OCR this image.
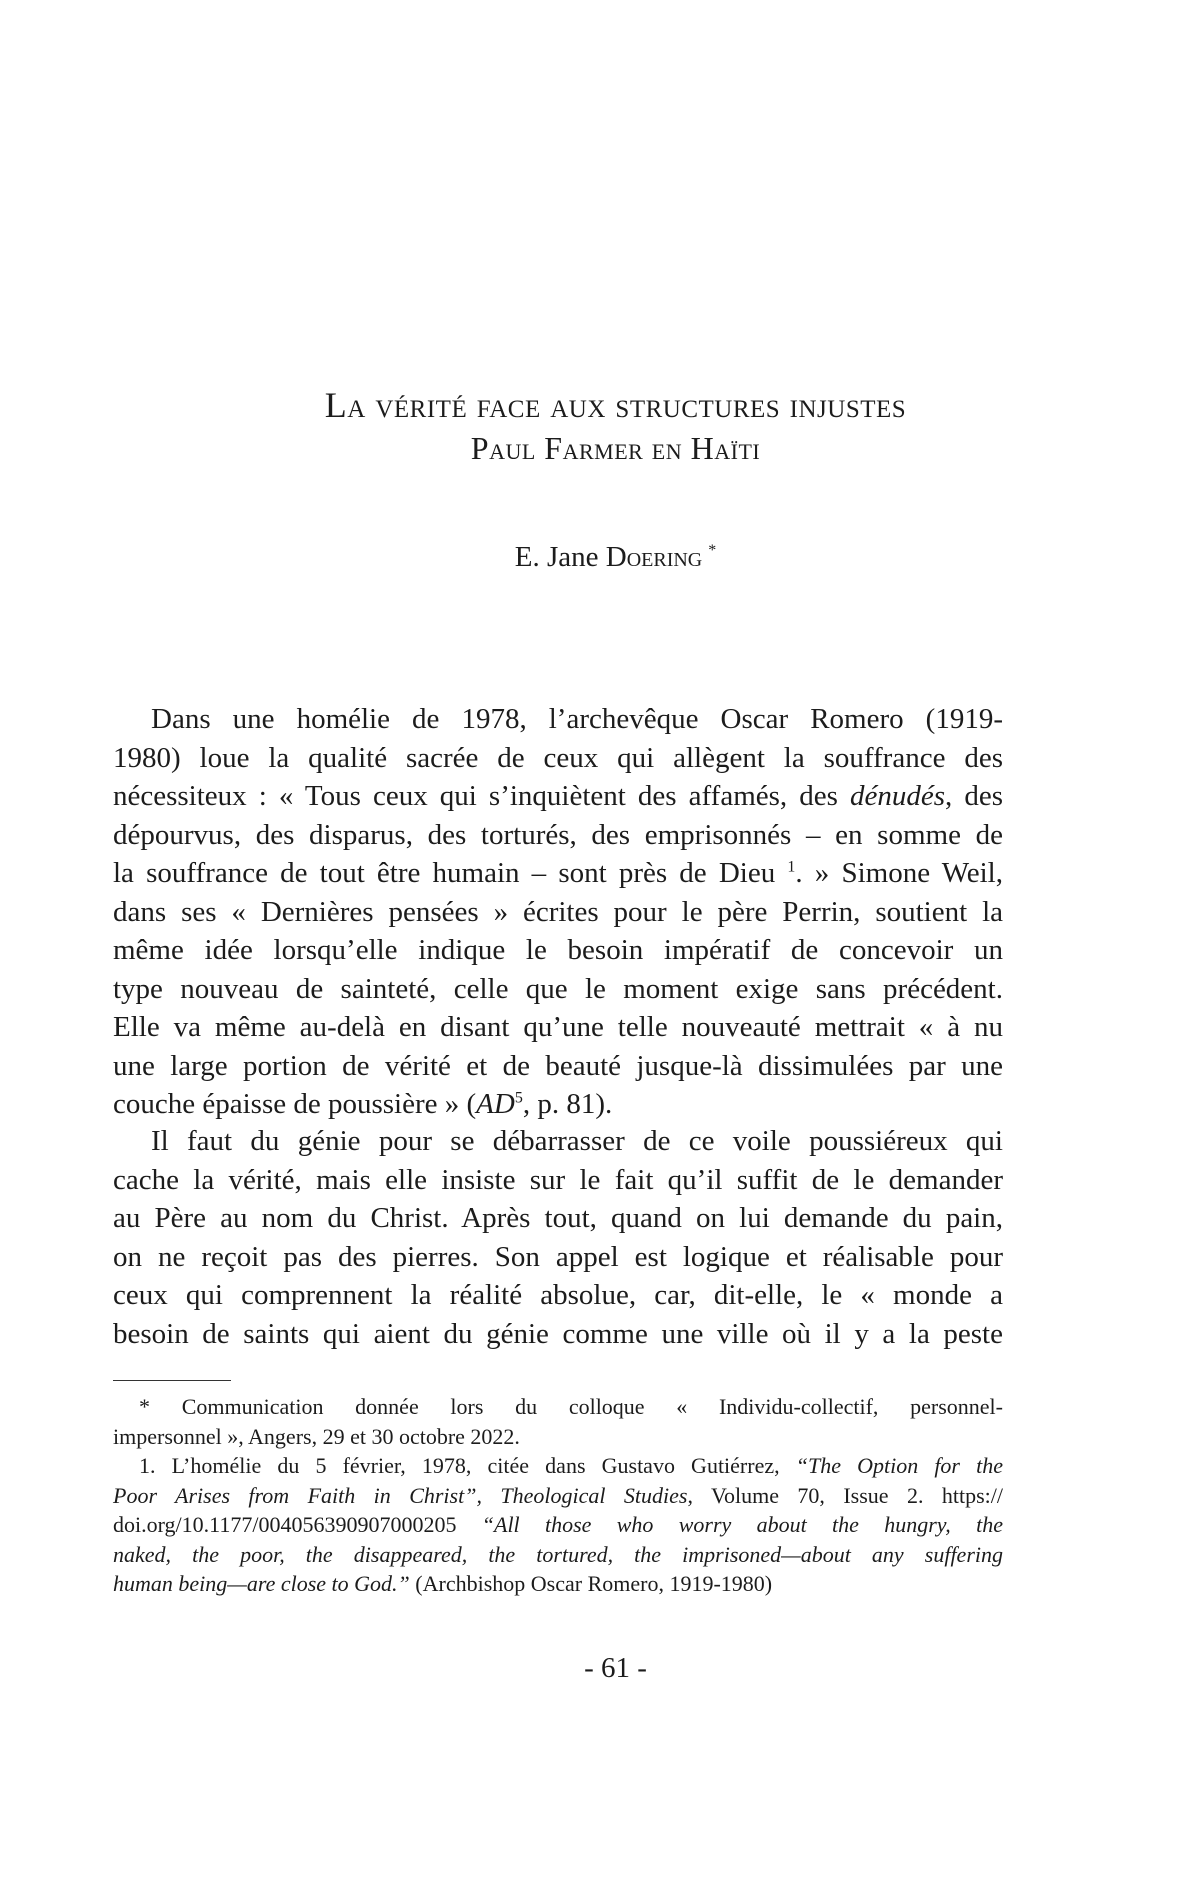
La vérité face aux structures injustes
Paul Farmer en Haïti
E. Jane Doering *
Dans une homélie de 1978, l’archevêque Oscar Romero (1919-
1980) loue la qualité sacrée de ceux qui allègent la souffrance des
nécessiteux : « Tous ceux qui s’inquiètent des affamés, des dénudés, des
dépourvus, des disparus, des torturés, des emprisonnés – en somme de
la souffrance de tout être humain – sont près de Dieu $^1$. » Simone Weil,
dans ses « Dernières pensées » écrites pour le père Perrin, soutient la
même idée lorsqu’elle indique le besoin impératif de concevoir un
type nouveau de sainteté, celle que le moment exige sans précédent.
Elle va même au-delà en disant qu’une telle nouveauté mettrait « à nu
une large portion de vérité et de beauté jusque-là dissimulées par une
couche épaisse de poussière » ($AD^5$, p. 81).
Il faut du génie pour se débarrasser de ce voile poussiéreux qui
cache la vérité, mais elle insiste sur le fait qu’il suffit de le demander
au Père au nom du Christ. Après tout, quand on lui demande du pain,
on ne reçoit pas des pierres. Son appel est logique et réalisable pour
ceux qui comprennent la réalité absolue, car, dit-elle, le « monde a
besoin de saints qui aient du génie comme une ville où il y a la peste
* Communication donnée lors du colloque « Individu-collectif, personnel-
impersonnel », Angers, 29 et 30 octobre 2022.
1. L’homélie du 5 février, 1978, citée dans Gustavo Gutiérrez, “The Option for the
Poor Arises from Faith in Christ”, Theological Studies, Volume 70, Issue 2. https://
doi.org/10.1177/004056390907000205 “All those who worry about the hungry, the
naked, the poor, the disappeared, the tortured, the imprisoned—about any suffering
human being—are close to God.” (Archbishop Oscar Romero, 1919-1980)
- 61 -
